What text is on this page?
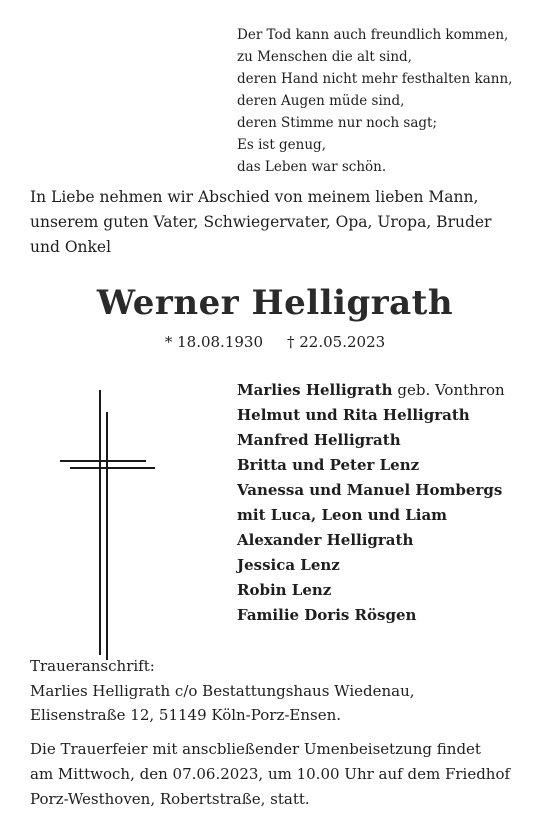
Der Tod kann auch freundlich kommen,
zu Menschen die alt sind,
deren Hand nicht mehr festhalten kann,
deren Augen müde sind,
deren Stimme nur noch sagt;
Es ist genug,
das Leben war schön.
In Liebe nehmen wir Abschied von meinem lieben Mann,
unserem guten Vater, Schwiegervater, Opa, Uropa, Bruder
und Onkel
Werner Helligrath
* 18.08.1930 † 22.05.2023
Marlies Helligrath geb. Vonthron
Helmut und Rita Helligrath
Manfred Helligrath
Britta und Peter Lenz
Vanessa und Manuel Hombergs
mit Luca, Leon und Liam
Alexander Helligrath
Jessica Lenz
Robin Lenz
Familie Doris Rösgen
Traueranschrift:
Marlies Helligrath c/o Bestattungshaus Wiedenau,
Elisenstraße 12, 51149 Köln-Porz-Ensen.
Die Trauerfeier mit anscbließender Umenbeisetzung findet
am Mittwoch, den 07.06.2023, um 10.00 Uhr auf dem Friedhof
Porz-Westhoven, Robertstraße, statt.
